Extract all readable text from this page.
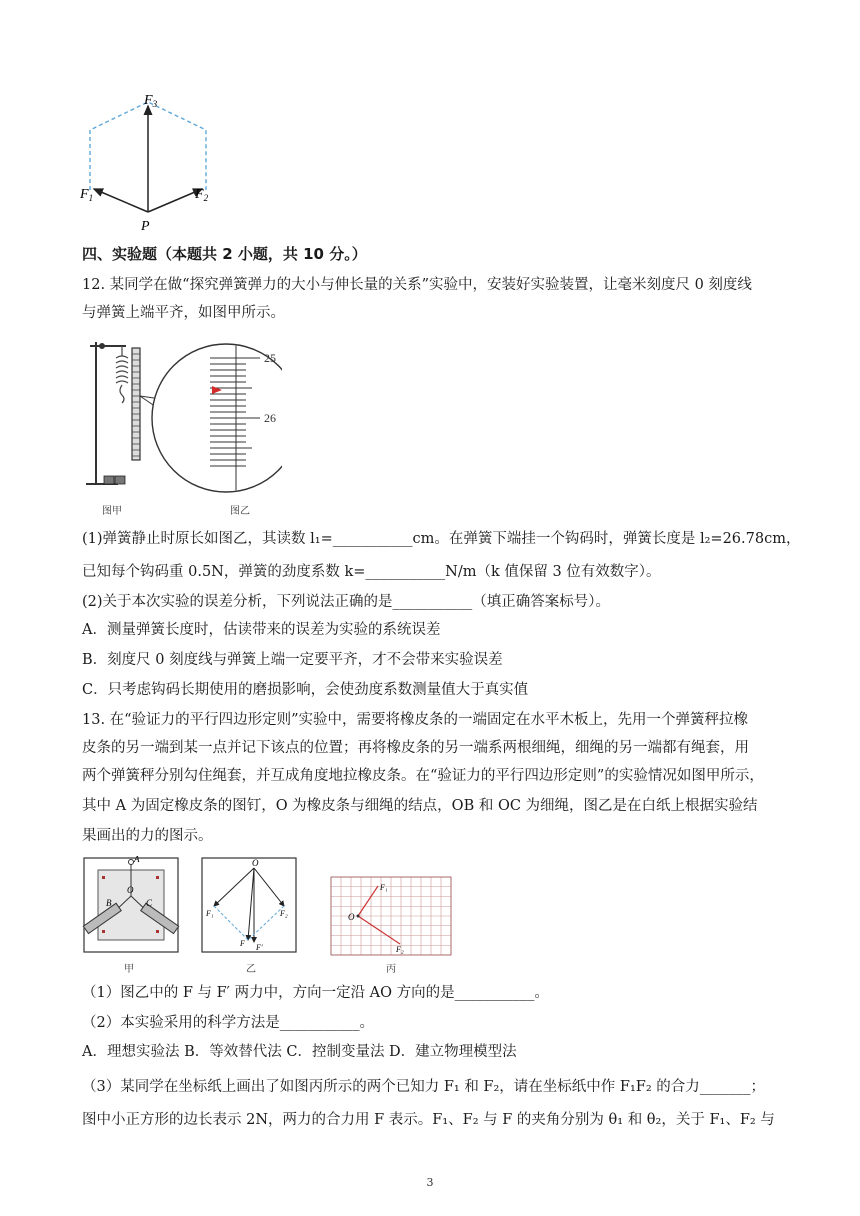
$F_3$
$F_1$	$F_2$
P
四、实验题（本题共 2 小题，共 10 分。）
12. 某同学在做“探究弹簧弹力的大小与伸长量的关系”实验中，安装好实验装置，让毫米刻度尺 0 刻度线
与弹簧上端平齐，如图甲所示。
25
26
图甲	图乙
(1)弹簧静止时原长如图乙，其读数 l₁=___________cm。在弹簧下端挂一个钩码时，弹簧长度是 l₂=26.78cm，
已知每个钩码重 0.5N，弹簧的劲度系数 k=___________N/m（k 值保留 3 位有效数字）。
(2)关于本次实验的误差分析，下列说法正确的是___________（填正确答案标号）。
A．测量弹簧长度时，估读带来的误差为实验的系统误差
B．刻度尺 0 刻度线与弹簧上端一定要平齐，才不会带来实验误差
C．只考虑钩码长期使用的磨损影响，会使劲度系数测量值大于真实值
13. 在“验证力的平行四边形定则”实验中，需要将橡皮条的一端固定在水平木板上，先用一个弹簧秤拉橡
皮条的另一端到某一点并记下该点的位置；再将橡皮条的另一端系两根细绳，细绳的另一端都有绳套，用
两个弹簧秤分别勾住绳套，并互成角度地拉橡皮条。在“验证力的平行四边形定则”的实验情况如图甲所示，
其中 A 为固定橡皮条的图钉，O 为橡皮条与细绳的结点，OB 和 OC 为细绳，图乙是在白纸上根据实验结
果画出的力的图示。
A
B	C
O
O
F₁	F₂
F F′
O
F₁
F₂
甲	乙	丙
（1）图乙中的 F 与 F′ 两力中，方向一定沿 AO 方向的是___________。
（2）本实验采用的科学方法是___________。
A．理想实验法 B．等效替代法 C．控制变量法 D．建立物理模型法
（3）某同学在坐标纸上画出了如图丙所示的两个已知力 F₁ 和 F₂，请在坐标纸中作 F₁F₂ 的合力_______；
图中小正方形的边长表示 2N，两力的合力用 F 表示。F₁、F₂ 与 F 的夹角分别为 θ₁ 和 θ₂，关于 F₁、F₂ 与
3
